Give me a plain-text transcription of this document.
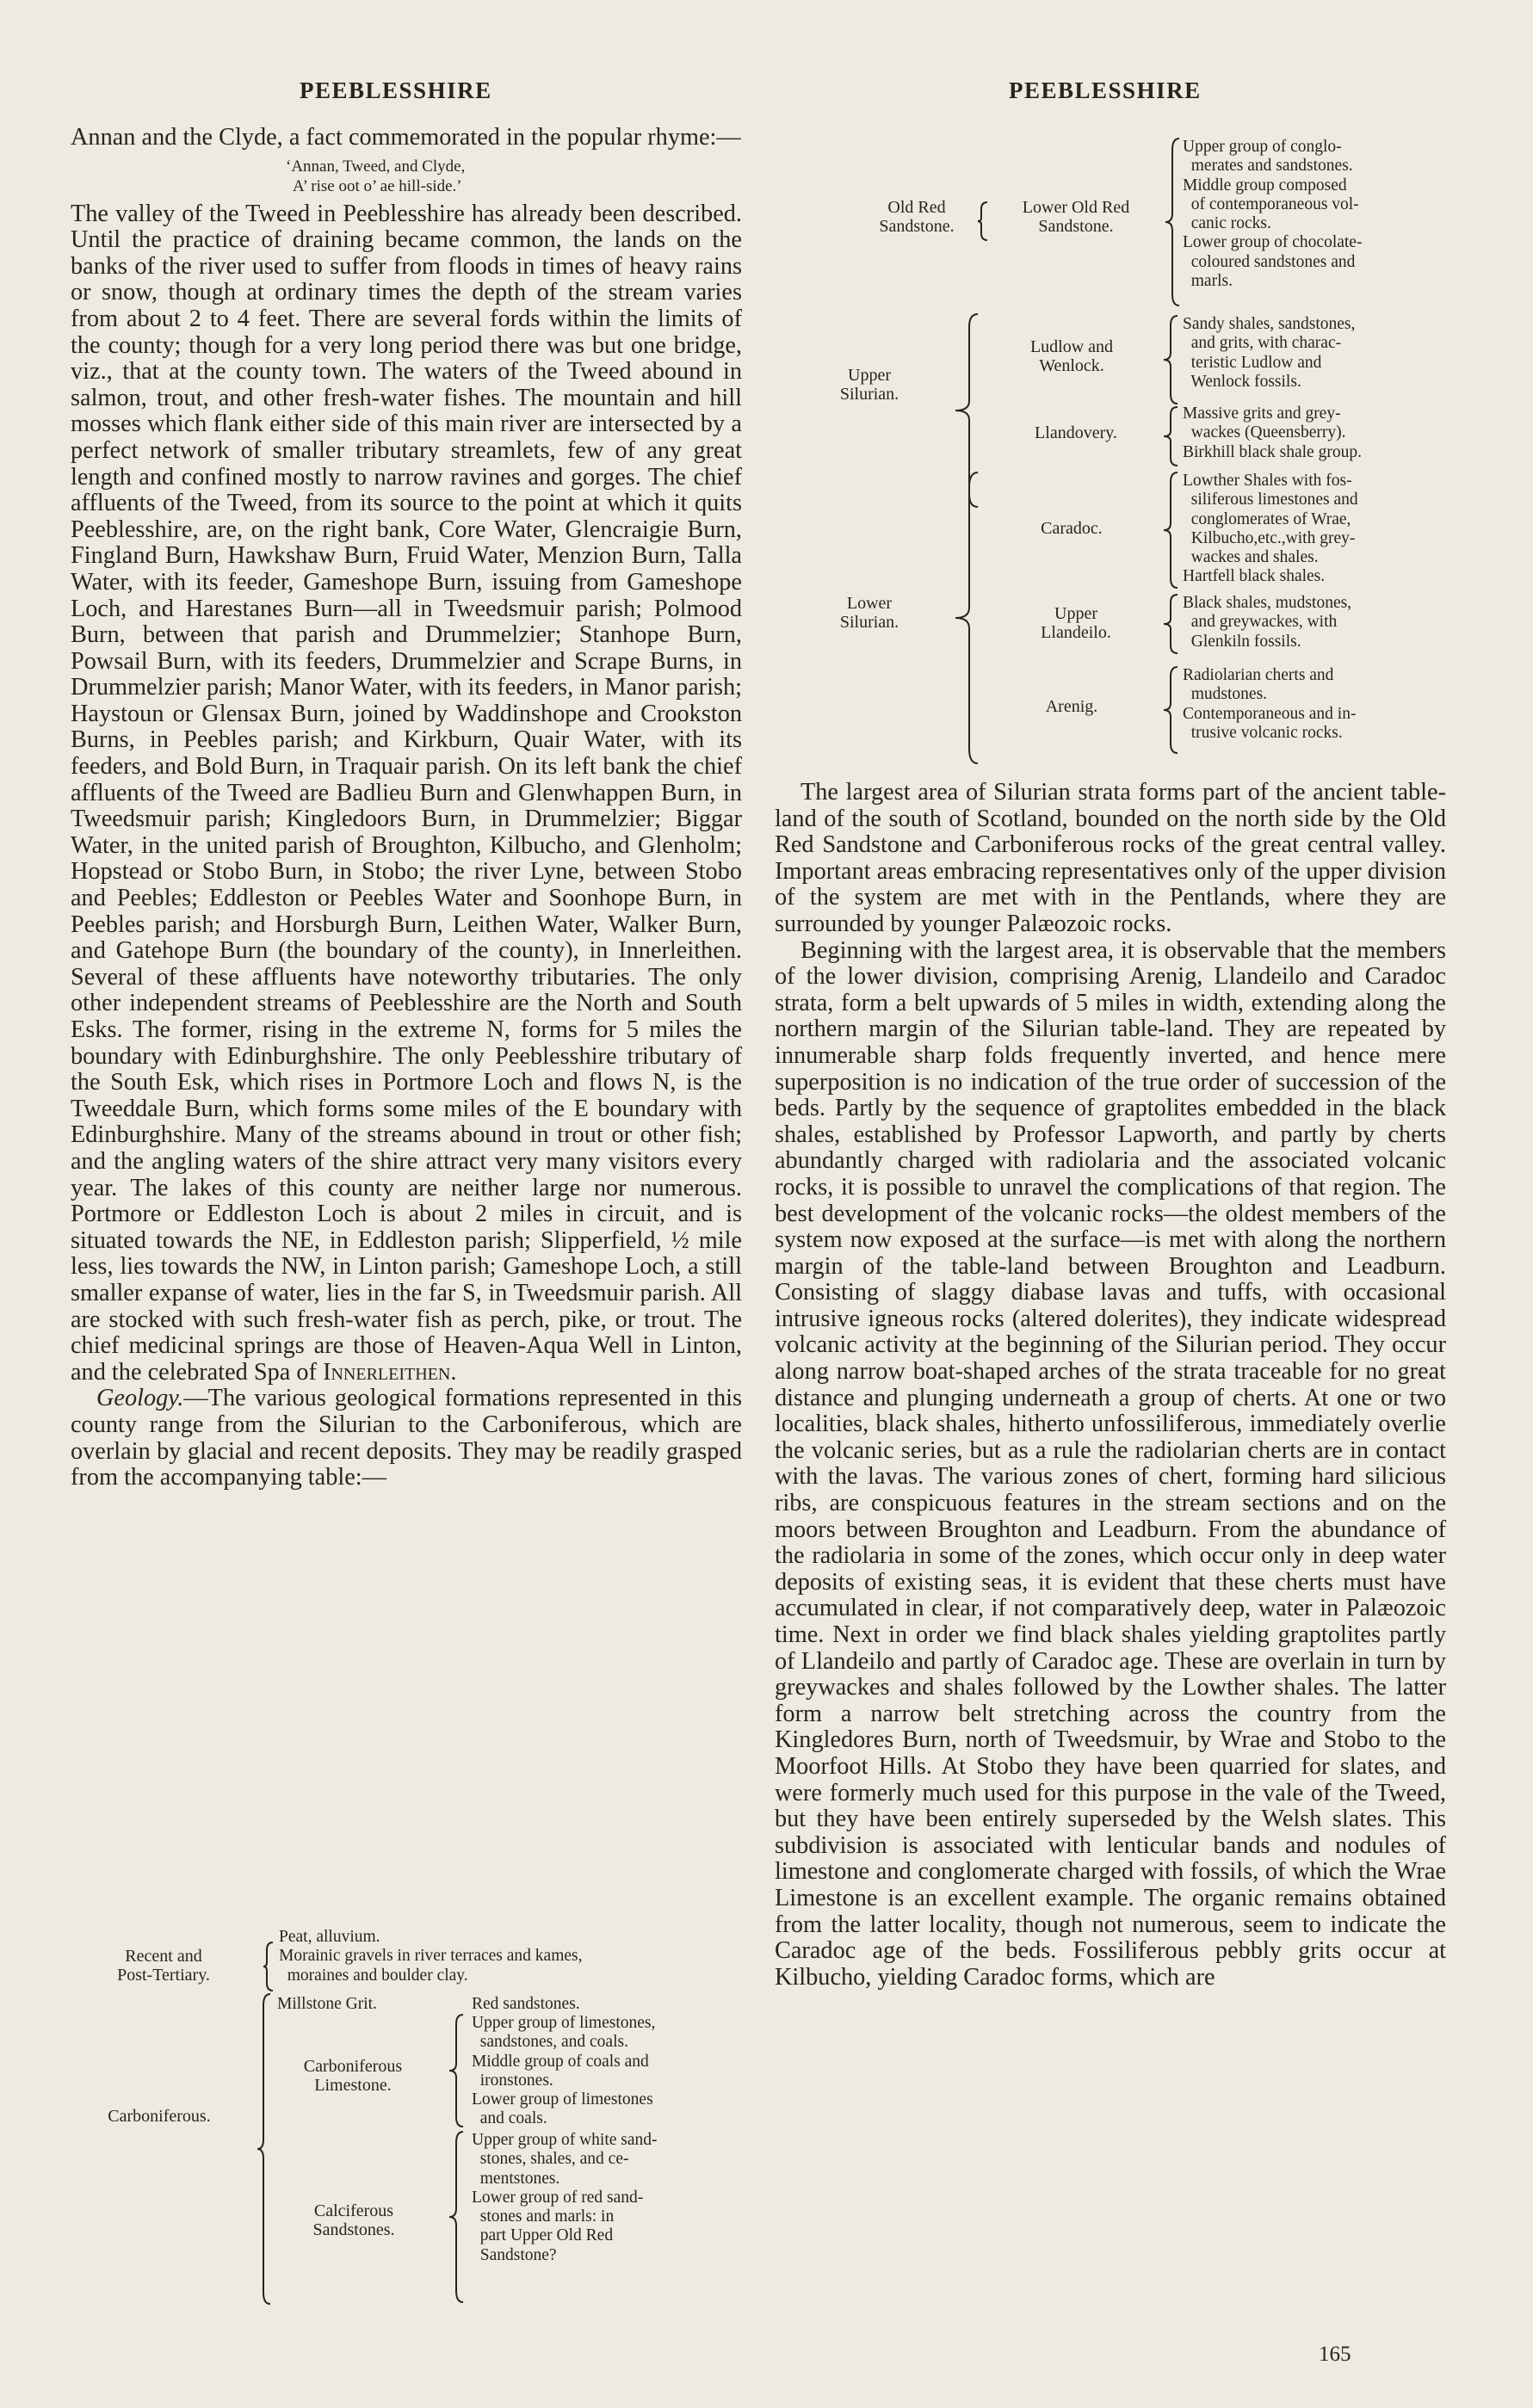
PEEBLESSHIRE	PEEBLESSHIRE

Annan and the Clyde, a fact commemorated in the popular rhyme:—

‘Annan, Tweed, and Clyde,
A’ rise oot o’ ae hill-side.’

The valley of the Tweed in Peeblesshire has already been described. Until the practice of draining became common, the lands on the banks of the river used to suffer from floods in times of heavy rains or snow, though at ordinary times the depth of the stream varies from about 2 to 4 feet. There are several fords within the limits of the county; though for a very long period there was but one bridge, viz., that at the county town. The waters of the Tweed abound in salmon, trout, and other fresh-water fishes. The mountain and hill mosses which flank either side of this main river are intersected by a perfect network of smaller tributary streamlets, few of any great length and confined mostly to narrow ravines and gorges. The chief affluents of the Tweed, from its source to the point at which it quits Peeblesshire, are, on the right bank, Core Water, Glencraigie Burn, Fingland Burn, Hawkshaw Burn, Fruid Water, Menzion Burn, Talla Water, with its feeder, Gameshope Burn, issuing from Gameshope Loch, and Harestanes Burn—all in Tweedsmuir parish; Polmood Burn, between that parish and Drummelzier; Stanhope Burn, Powsail Burn, with its feeders, Drummelzier and Scrape Burns, in Drummelzier parish; Manor Water, with its feeders, in Manor parish; Haystoun or Glensax Burn, joined by Waddinshope and Crookston Burns, in Peebles parish; and Kirkburn, Quair Water, with its feeders, and Bold Burn, in Traquair parish. On its left bank the chief affluents of the Tweed are Badlieu Burn and Glenwhappen Burn, in Tweedsmuir parish; Kingledoors Burn, in Drummelzier; Biggar Water, in the united parish of Broughton, Kilbucho, and Glenholm; Hopstead or Stobo Burn, in Stobo; the river Lyne, between Stobo and Peebles; Eddleston or Peebles Water and Soonhope Burn, in Peebles parish; and Horsburgh Burn, Leithen Water, Walker Burn, and Gatehope Burn (the boundary of the county), in Innerleithen. Several of these affluents have noteworthy tributaries. The only other independent streams of Peeblesshire are the North and South Esks. The former, rising in the extreme N, forms for 5 miles the boundary with Edinburghshire. The only Peeblesshire tributary of the South Esk, which rises in Portmore Loch and flows N, is the Tweeddale Burn, which forms some miles of the E boundary with Edinburghshire. Many of the streams abound in trout or other fish; and the angling waters of the shire attract very many visitors every year. The lakes of this county are neither large nor numerous. Portmore or Eddleston Loch is about 2 miles in circuit, and is situated towards the NE, in Eddleston parish; Slipperfield, ½ mile less, lies towards the NW, in Linton parish; Gameshope Loch, a still smaller expanse of water, lies in the far S, in Tweedsmuir parish. All are stocked with such fresh-water fish as perch, pike, or trout. The chief medicinal springs are those of Heaven-Aqua Well in Linton, and the celebrated Spa of Innerleithen.

Geology.—The various geological formations represented in this county range from the Silurian to the Carboniferous, which are overlain by glacial and recent deposits. They may be readily grasped from the accompanying table:—

Recent and
Post-Tertiary.
Peat, alluvium.
Morainic gravels in river terraces and kames,
moraines and boulder clay.
Carboniferous.
Millstone Grit.	Red sandstones.
Carboniferous
Limestone.
Upper group of limestones,
sandstones, and coals.
Middle group of coals and
ironstones.
Lower group of limestones
and coals.
Calciferous
Sandstones.
Upper group of white sand-
stones, shales, and ce-
mentstones.
Lower group of red sand-
stones and marls: in
part Upper Old Red
Sandstone?
Old Red
Sandstone.
Lower Old Red
Sandstone.
Upper group of conglo-
merates and sandstones.
Middle group composed
of contemporaneous vol-
canic rocks.
Lower group of chocolate-
coloured sandstones and
marls.
Upper
Silurian.
Ludlow and
Wenlock.
Sandy shales, sandstones,
and grits, with charac-
teristic Ludlow and
Wenlock fossils.
Llandovery.
Massive grits and grey-
wackes (Queensberry).
Birkhill black shale group.
Lower
Silurian.
Caradoc.
Lowther Shales with fos-
siliferous limestones and
conglomerates of Wrae,
Kilbucho,etc.,with grey-
wackes and shales.
Hartfell black shales.
Upper
Llandeilo.
Black shales, mudstones,
and greywackes, with
Glenkiln fossils.
Arenig.
Radiolarian cherts and
mudstones.
Contemporaneous and in-
trusive volcanic rocks.

The largest area of Silurian strata forms part of the ancient table-land of the south of Scotland, bounded on the north side by the Old Red Sandstone and Carboniferous rocks of the great central valley. Important areas embracing representatives only of the upper division of the system are met with in the Pentlands, where they are surrounded by younger Palæozoic rocks.

Beginning with the largest area, it is observable that the members of the lower division, comprising Arenig, Llandeilo and Caradoc strata, form a belt upwards of 5 miles in width, extending along the northern margin of the Silurian table-land. They are repeated by innumerable sharp folds frequently inverted, and hence mere superposition is no indication of the true order of succession of the beds. Partly by the sequence of graptolites embedded in the black shales, established by Professor Lapworth, and partly by cherts abundantly charged with radiolaria and the associated volcanic rocks, it is possible to unravel the complications of that region. The best development of the volcanic rocks—the oldest members of the system now exposed at the surface—is met with along the northern margin of the table-land between Broughton and Leadburn. Consisting of slaggy diabase lavas and tuffs, with occasional intrusive igneous rocks (altered dolerites), they indicate widespread volcanic activity at the beginning of the Silurian period. They occur along narrow boat-shaped arches of the strata traceable for no great distance and plunging underneath a group of cherts. At one or two localities, black shales, hitherto unfossiliferous, immediately overlie the volcanic series, but as a rule the radiolarian cherts are in contact with the lavas. The various zones of chert, forming hard silicious ribs, are conspicuous features in the stream sections and on the moors between Broughton and Leadburn. From the abundance of the radiolaria in some of the zones, which occur only in deep water deposits of existing seas, it is evident that these cherts must have accumulated in clear, if not comparatively deep, water in Palæozoic time. Next in order we find black shales yielding graptolites partly of Llandeilo and partly of Caradoc age. These are overlain in turn by greywackes and shales followed by the Lowther shales. The latter form a narrow belt stretching across the country from the Kingledores Burn, north of Tweedsmuir, by Wrae and Stobo to the Moorfoot Hills. At Stobo they have been quarried for slates, and were formerly much used for this purpose in the vale of the Tweed, but they have been entirely superseded by the Welsh slates. This subdivision is associated with lenticular bands and nodules of limestone and conglomerate charged with fossils, of which the Wrae Limestone is an excellent example. The organic remains obtained from the latter locality, though not numerous, seem to indicate the Caradoc age of the beds. Fossiliferous pebbly grits occur at Kilbucho, yielding Caradoc forms, which are

165
